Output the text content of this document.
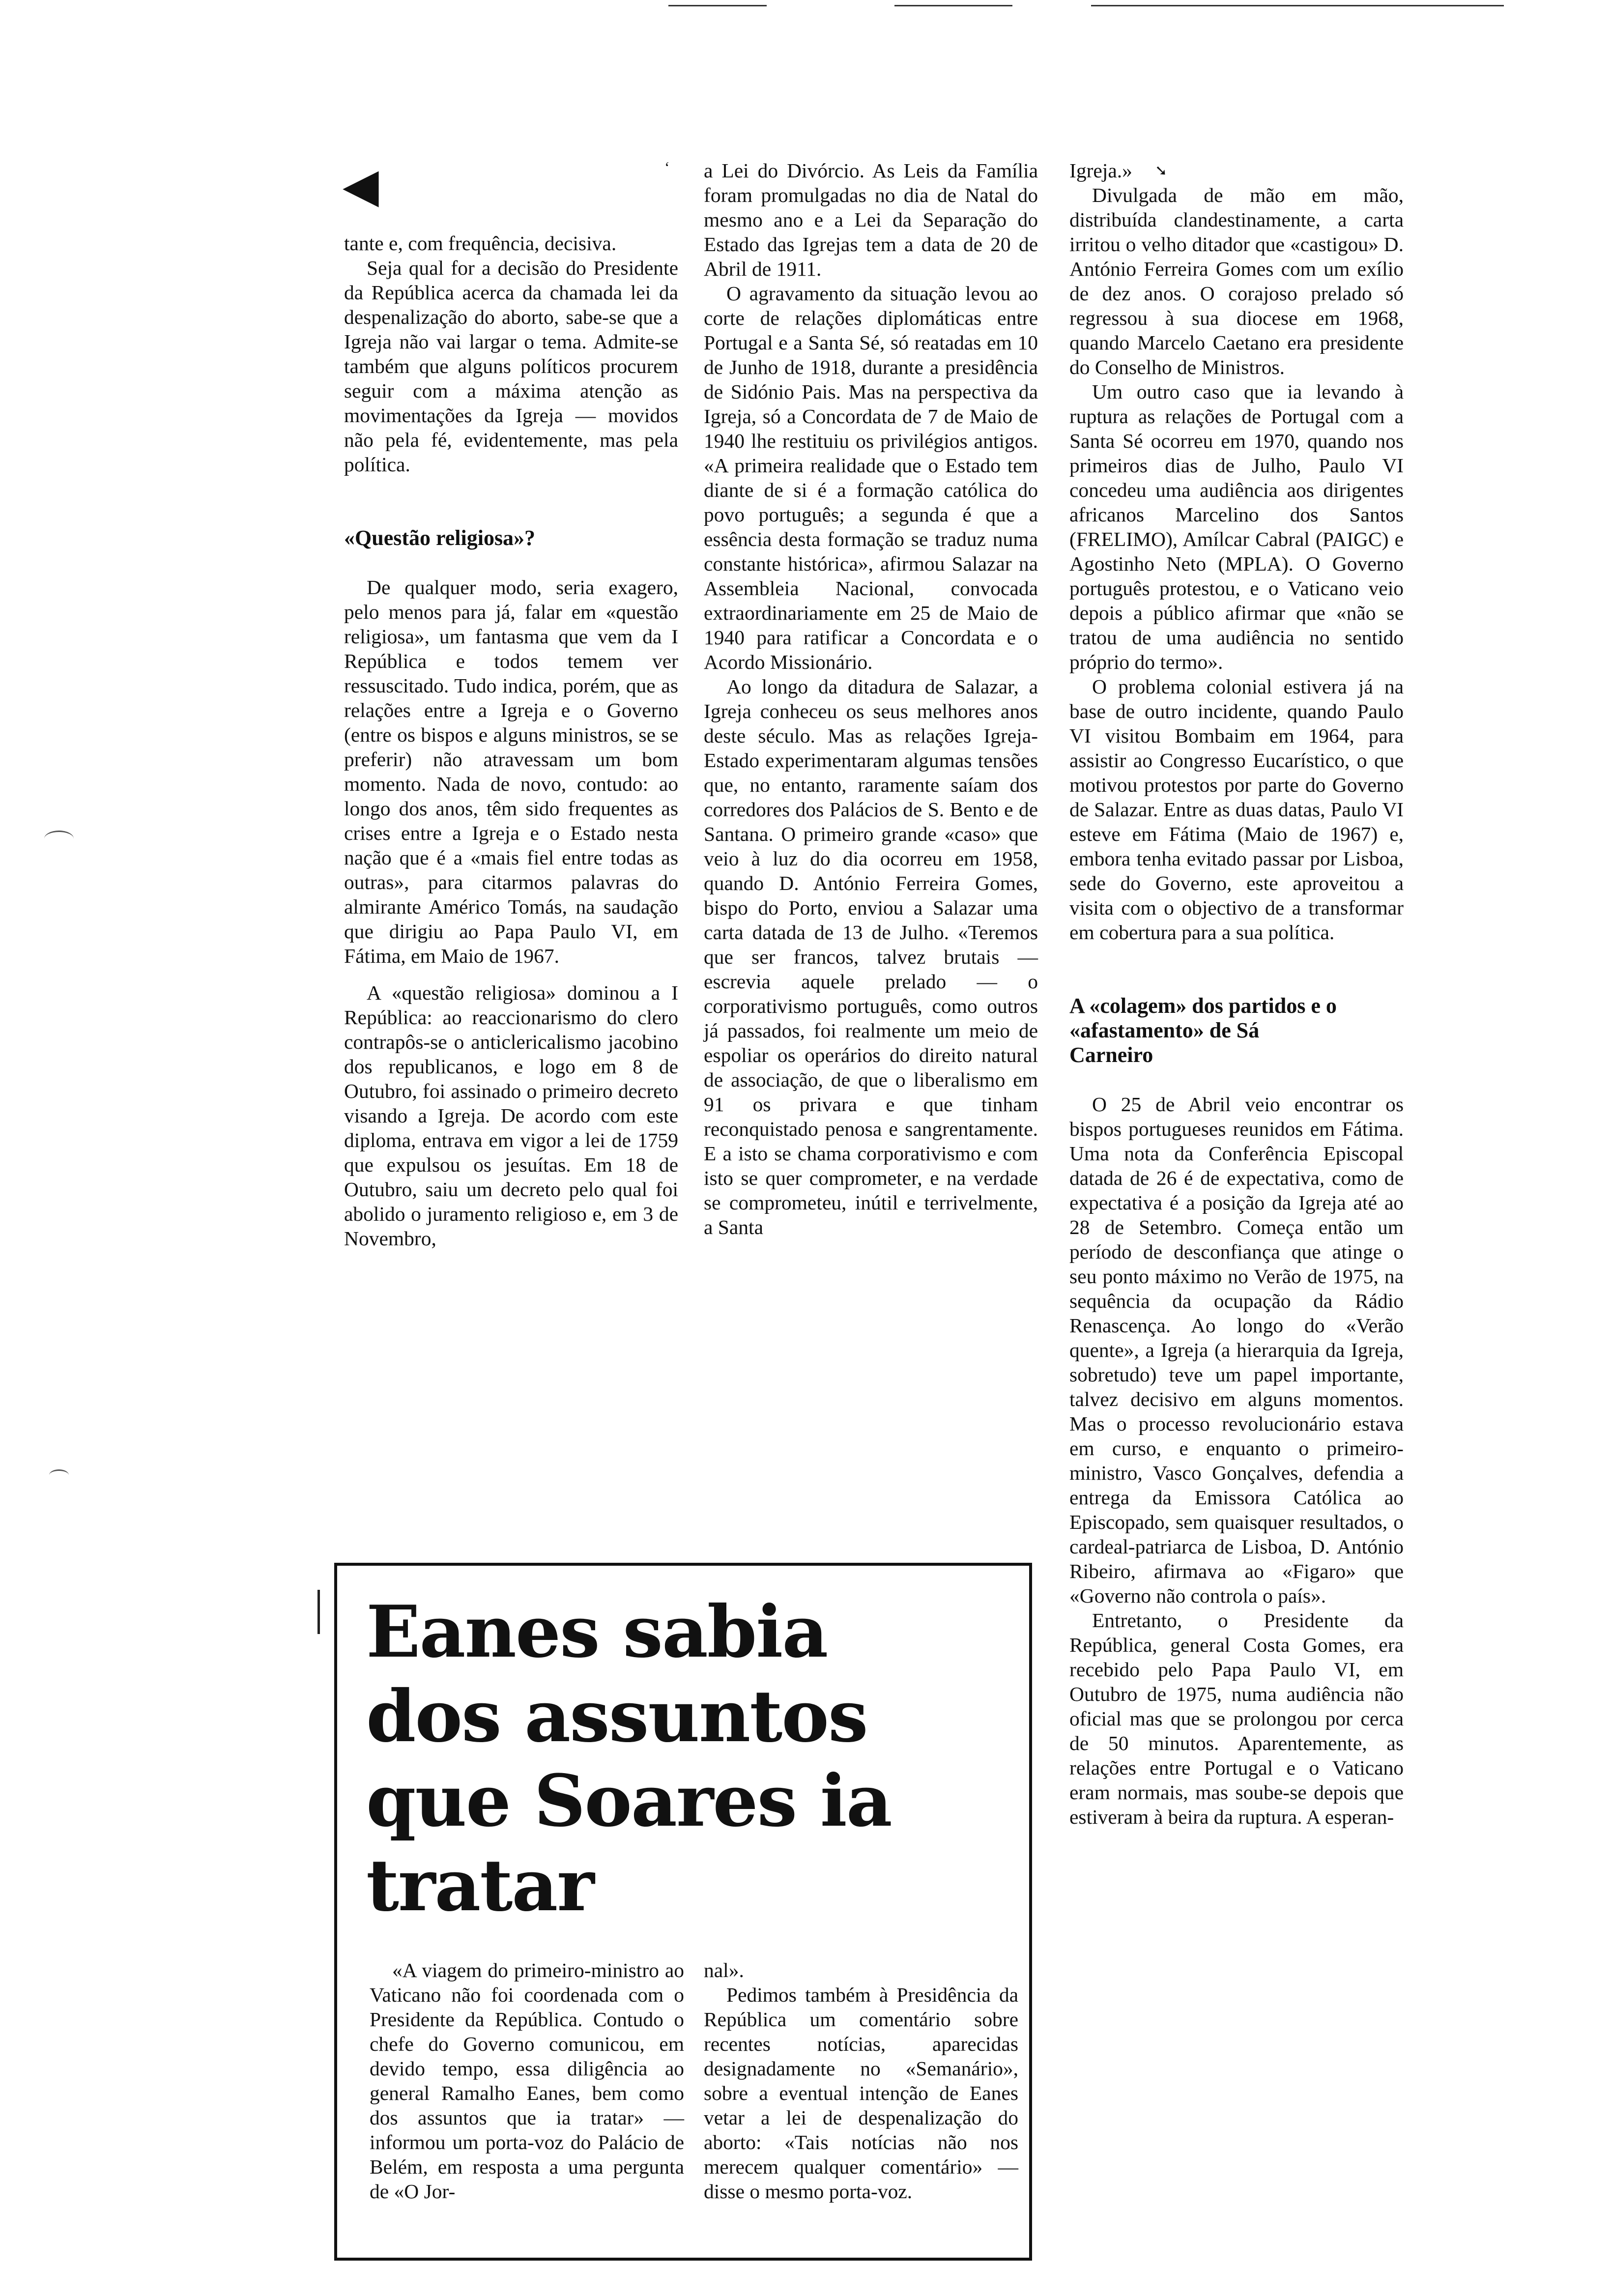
◀	ʻ	➘

tante e, com frequência, decisiva.

Seja qual for a decisão do Presidente da República acerca da chamada lei da despenalização do aborto, sabe-se que a Igreja não vai largar o tema. Admite-se também que alguns políticos procurem seguir com a máxima atenção as movimentações da Igreja — movidos não pela fé, evidentemente, mas pela política.

«Questão religiosa»?

De qualquer modo, seria exagero, pelo menos para já, falar em «questão religiosa», um fantasma que vem da I República e todos temem ver ressuscitado. Tudo indica, porém, que as relações entre a Igreja e o Governo (entre os bispos e alguns ministros, se se preferir) não atravessam um bom momento. Nada de novo, contudo: ao longo dos anos, têm sido frequentes as crises entre a Igreja e o Estado nesta nação que é a «mais fiel entre todas as outras», para citarmos palavras do almirante Américo Tomás, na saudação que dirigiu ao Papa Paulo VI, em Fátima, em Maio de 1967.

A «questão religiosa» dominou a I República: ao reaccionarismo do clero contrapôs-se o anticlericalismo jacobino dos republicanos, e logo em 8 de Outubro, foi assinado o primeiro decreto visando a Igreja. De acordo com este diploma, entrava em vigor a lei de 1759 que expulsou os jesuítas. Em 18 de Outubro, saiu um decreto pelo qual foi abolido o juramento religioso e, em 3 de Novembro,

a Lei do Divórcio. As Leis da Família foram promulgadas no dia de Natal do mesmo ano e a Lei da Separação do Estado das Igrejas tem a data de 20 de Abril de 1911.

O agravamento da situação levou ao corte de relações diplomáticas entre Portugal e a Santa Sé, só reatadas em 10 de Junho de 1918, durante a presidência de Sidónio Pais. Mas na perspectiva da Igreja, só a Concordata de 7 de Maio de 1940 lhe restituiu os privilégios antigos. «A primeira realidade que o Estado tem diante de si é a formação católica do povo português; a segunda é que a essência desta formação se traduz numa constante histórica», afirmou Salazar na Assembleia Nacional, convocada extraordinariamente em 25 de Maio de 1940 para ratificar a Concordata e o Acordo Missionário.

Ao longo da ditadura de Salazar, a Igreja conheceu os seus melhores anos deste século. Mas as relações Igreja-Estado experimentaram algumas tensões que, no entanto, raramente saíam dos corredores dos Palácios de S. Bento e de Santana. O primeiro grande «caso» que veio à luz do dia ocorreu em 1958, quando D. António Ferreira Gomes, bispo do Porto, enviou a Salazar uma carta datada de 13 de Julho. «Teremos que ser francos, talvez brutais — escrevia aquele prelado — o corporativismo português, como outros já passados, foi realmente um meio de espoliar os operários do direito natural de associação, de que o liberalismo em 91 os privara e que tinham reconquistado penosa e sangrentamente. E a isto se chama corporativismo e com isto se quer comprometer, e na verdade se comprometeu, inútil e terrivelmente, a Santa

Igreja.»

Divulgada de mão em mão, distribuída clandestinamente, a carta irritou o velho ditador que «castigou» D. António Ferreira Gomes com um exílio de dez anos. O corajoso prelado só regressou à sua diocese em 1968, quando Marcelo Caetano era presidente do Conselho de Ministros.

Um outro caso que ia levando à ruptura as relações de Portugal com a Santa Sé ocorreu em 1970, quando nos primeiros dias de Julho, Paulo VI concedeu uma audiência aos dirigentes africanos Marcelino dos Santos (FRELIMO), Amílcar Cabral (PAIGC) e Agostinho Neto (MPLA). O Governo português protestou, e o Vaticano veio depois a público afirmar que «não se tratou de uma audiência no sentido próprio do termo».

O problema colonial estivera já na base de outro incidente, quando Paulo VI visitou Bombaim em 1964, para assistir ao Congresso Eucarístico, o que motivou protestos por parte do Governo de Salazar. Entre as duas datas, Paulo VI esteve em Fátima (Maio de 1967) e, embora tenha evitado passar por Lisboa, sede do Governo, este aproveitou a visita com o objectivo de a transformar em cobertura para a sua política.

A «colagem» dos partidos e o «afastamento» de Sá Carneiro

O 25 de Abril veio encontrar os bispos portugueses reunidos em Fátima. Uma nota da Conferência Episcopal datada de 26 é de expectativa, como de expectativa é a posição da Igreja até ao 28 de Setembro. Começa então um período de desconfiança que atinge o seu ponto máximo no Verão de 1975, na sequência da ocupação da Rádio Renascença. Ao longo do «Verão quente», a Igreja (a hierarquia da Igreja, sobretudo) teve um papel importante, talvez decisivo em alguns momentos. Mas o processo revolucionário estava em curso, e enquanto o primeiro-ministro, Vasco Gonçalves, defendia a entrega da Emissora Católica ao Episcopado, sem quaisquer resultados, o cardeal-patriarca de Lisboa, D. António Ribeiro, afirmava ao «Figaro» que «Governo não controla o país».

Entretanto, o Presidente da República, general Costa Gomes, era recebido pelo Papa Paulo VI, em Outubro de 1975, numa audiência não oficial mas que se prolongou por cerca de 50 minutos. Aparentemente, as relações entre Portugal e o Vaticano eram normais, mas soube-se depois que estiveram à beira da ruptura. A esperan-

Eanes sabia dos assuntos que Soares ia tratar

«A viagem do primeiro-ministro ao Vaticano não foi coordenada com o Presidente da República. Contudo o chefe do Governo comunicou, em devido tempo, essa diligência ao general Ramalho Eanes, bem como dos assuntos que ia tratar» — informou um porta-voz do Palácio de Belém, em resposta a uma pergunta de «O Jor-

nal».

Pedimos também à Presidência da República um comentário sobre recentes notícias, aparecidas designadamente no «Semanário», sobre a eventual intenção de Eanes vetar a lei de despenalização do aborto: «Tais notícias não nos merecem qualquer comentário» — disse o mesmo porta-voz.
